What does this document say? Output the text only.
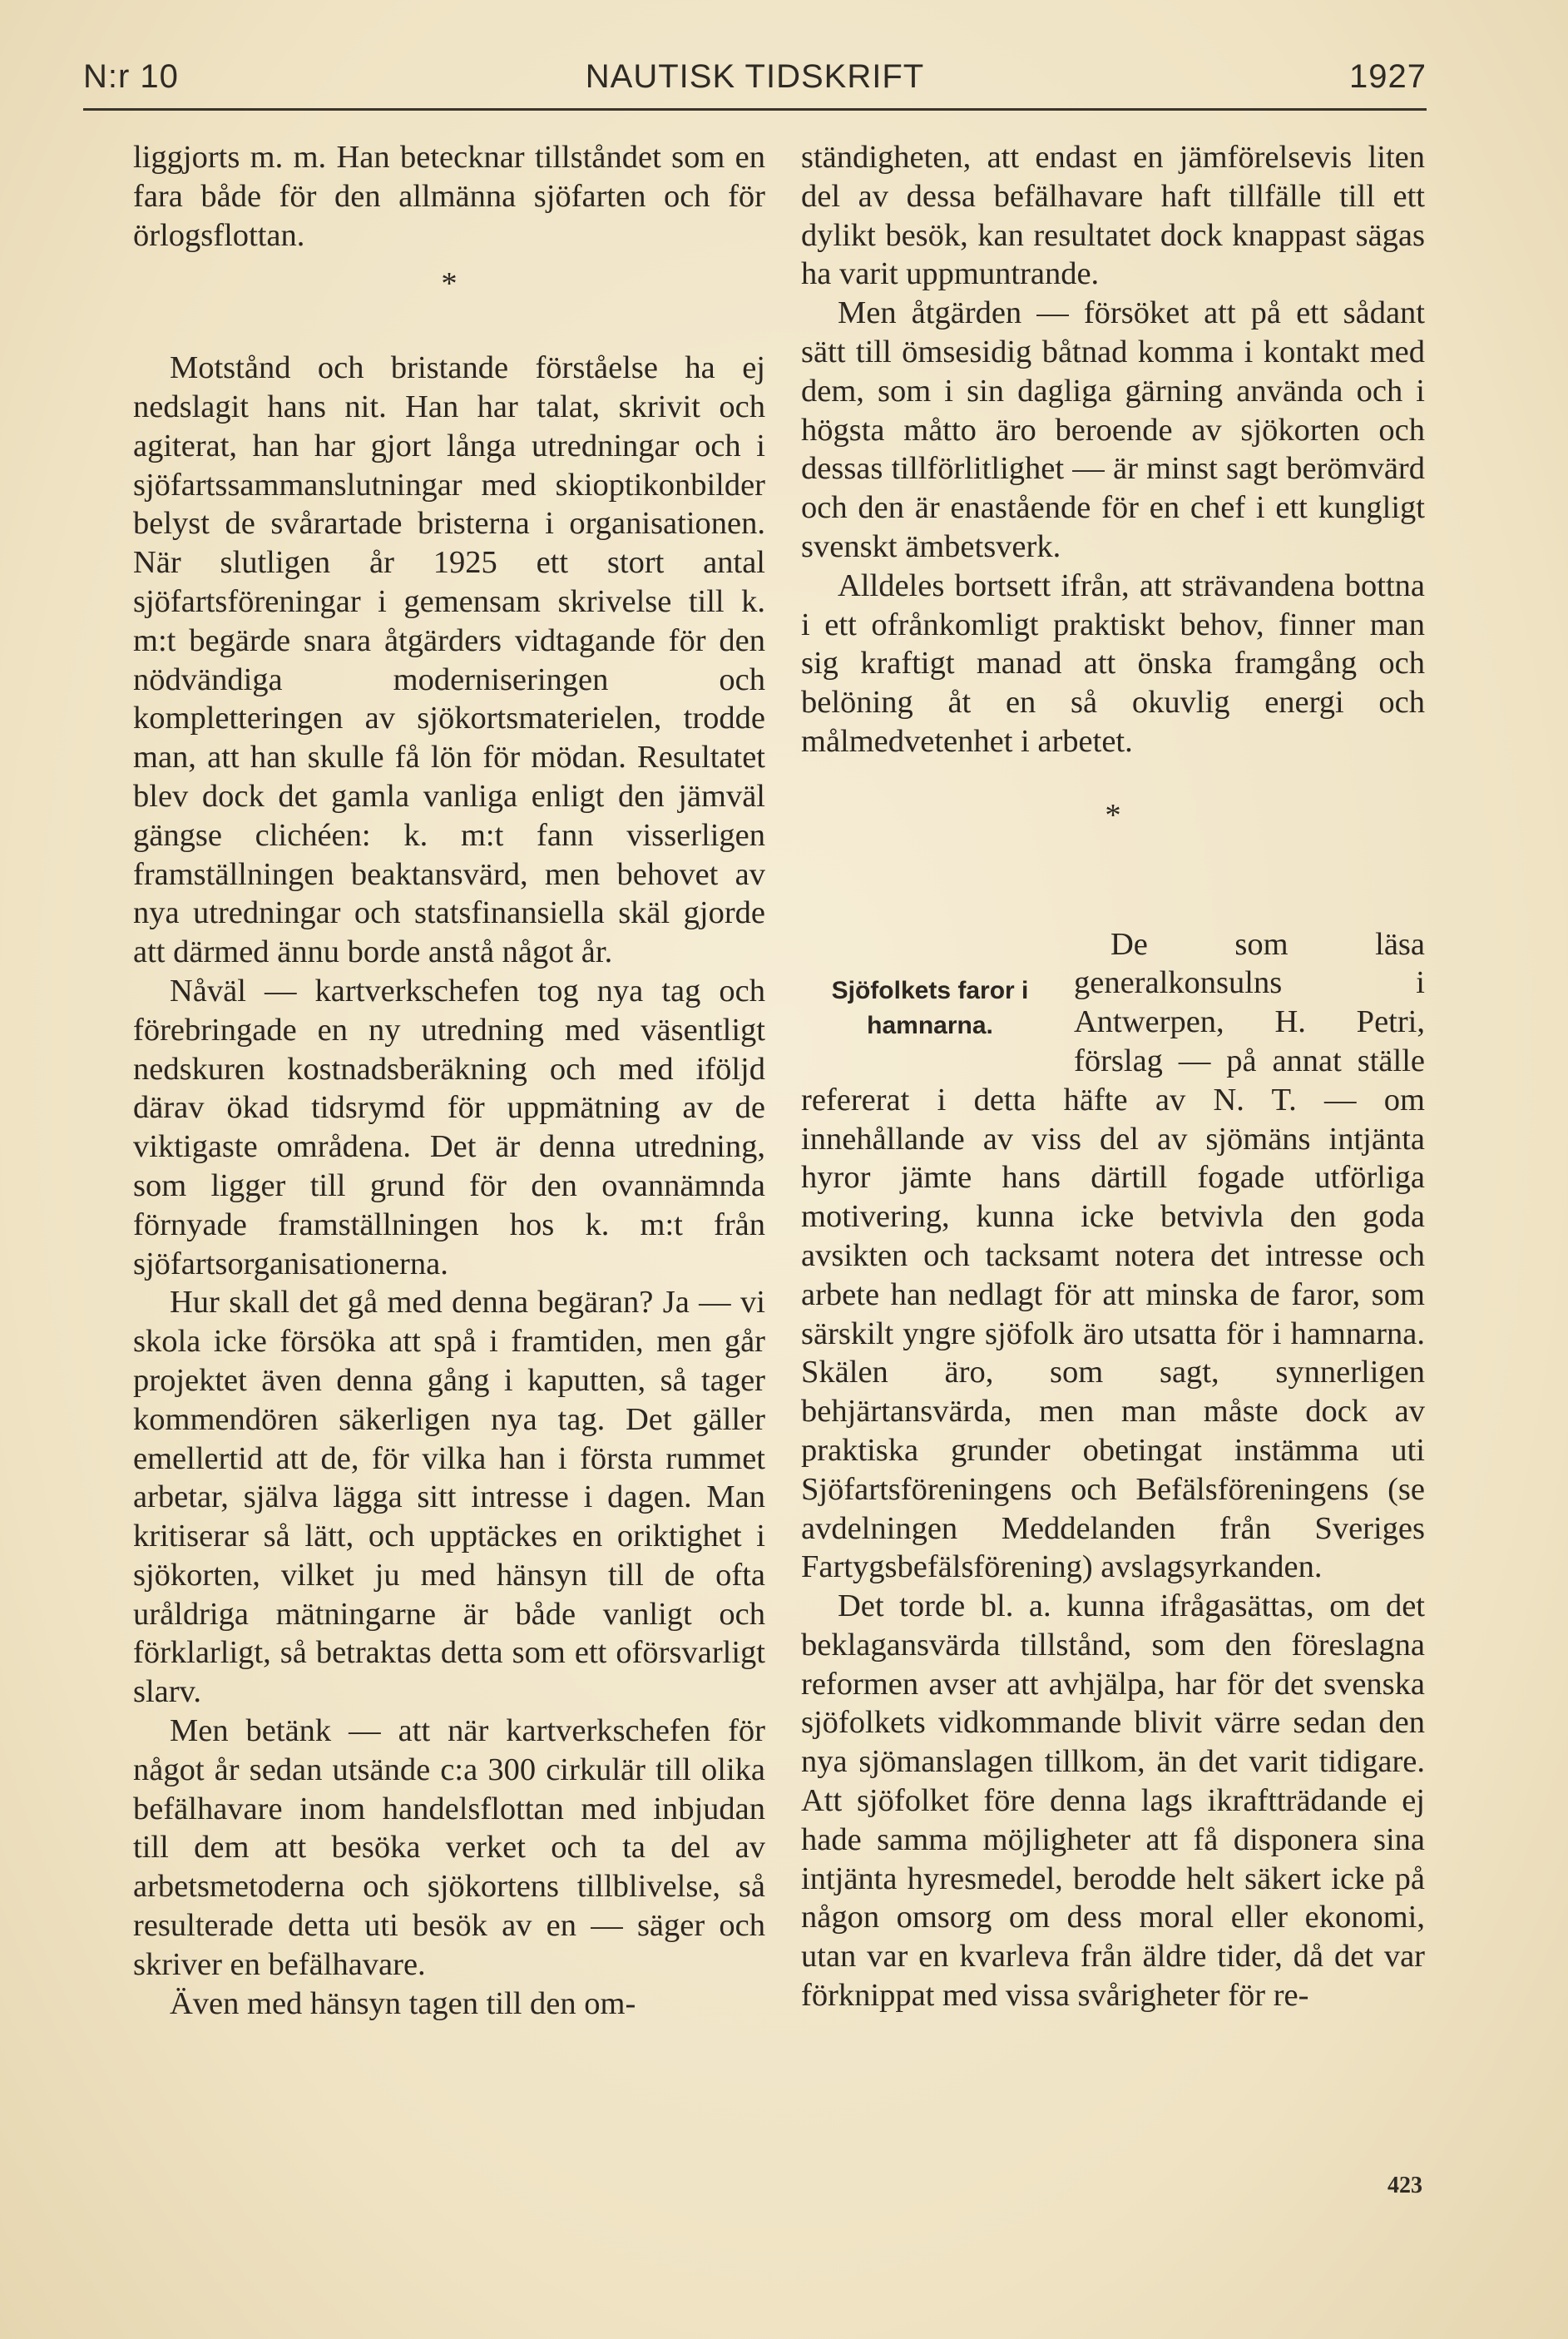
N:r 10	NAUTISK TIDSKRIFT	1927

liggjorts m. m. Han betecknar tillståndet som en fara både för den allmänna sjöfarten och för örlogsflottan.

*

Motstånd och bristande förståelse ha ej nedslagit hans nit. Han har talat, skrivit och agiterat, han har gjort långa utredningar och i sjöfartssammanslutningar med skioptikonbilder belyst de svårartade bristerna i organisationen. När slutligen år 1925 ett stort antal sjöfartsföreningar i gemensam skrivelse till k. m:t begärde snara åtgärders vidtagande för den nödvändiga moderniseringen och kompletteringen av sjökortsmaterielen, trodde man, att han skulle få lön för mödan. Resultatet blev dock det gamla vanliga enligt den jämväl gängse clichéen: k. m:t fann visserligen framställningen beaktansvärd, men behovet av nya utredningar och statsfinansiella skäl gjorde att därmed ännu borde anstå något år.

Nåväl — kartverkschefen tog nya tag och förebringade en ny utredning med väsentligt nedskuren kostnadsberäkning och med iföljd därav ökad tidsrymd för uppmätning av de viktigaste områdena. Det är denna utredning, som ligger till grund för den ovannämnda förnyade framställningen hos k. m:t från sjöfartsorganisationerna.

Hur skall det gå med denna begäran? Ja — vi skola icke försöka att spå i framtiden, men går projektet även denna gång i kaputten, så tager kommendören säkerligen nya tag. Det gäller emellertid att de, för vilka han i första rummet arbetar, själva lägga sitt intresse i dagen. Man kritiserar så lätt, och upptäckes en oriktighet i sjökorten, vilket ju med hänsyn till de ofta uråldriga mätningarne är både vanligt och förklarligt, så betraktas detta som ett oförsvarligt slarv.

Men betänk — att när kartverkschefen för något år sedan utsände c:a 300 cirkulär till olika befälhavare inom handelsflottan med inbjudan till dem att besöka verket och ta del av arbetsmetoderna och sjökortens tillblivelse, så resulterade detta uti besök av en — säger och skriver en befälhavare.

Även med hänsyn tagen till den om-

ständigheten, att endast en jämförelsevis liten del av dessa befälhavare haft tillfälle till ett dylikt besök, kan resultatet dock knappast sägas ha varit uppmuntrande.

Men åtgärden — försöket att på ett sådant sätt till ömsesidig båtnad komma i kontakt med dem, som i sin dagliga gärning använda och i högsta måtto äro beroende av sjökorten och dessas tillförlitlighet — är minst sagt berömvärd och den är enastående för en chef i ett kungligt svenskt ämbetsverk.

Alldeles bortsett ifrån, att strävandena bottna i ett ofrånkomligt praktiskt behov, finner man sig kraftigt manad att önska framgång och belöning åt en så okuvlig energi och målmedvetenhet i arbetet.

*
Sjöfolkets faror i hamnarna.

De som läsa generalkonsulns i Antwerpen, H. Petri, förslag — på annat ställe refererat i detta häfte av N. T. — om innehållande av viss del av sjömäns intjänta hyror jämte hans därtill fogade utförliga motivering, kunna icke betvivla den goda avsikten och tacksamt notera det intresse och arbete han nedlagt för att minska de faror, som särskilt yngre sjöfolk äro utsatta för i hamnarna. Skälen äro, som sagt, synnerligen behjärtansvärda, men man måste dock av praktiska grunder obetingat instämma uti Sjöfartsföreningens och Befälsföreningens (se avdelningen Meddelanden från Sveriges Fartygsbefälsförening) avslagsyrkanden.

Det torde bl. a. kunna ifrågasättas, om det beklagansvärda tillstånd, som den föreslagna reformen avser att avhjälpa, har för det svenska sjöfolkets vidkommande blivit värre sedan den nya sjömanslagen tillkom, än det varit tidigare. Att sjöfolket före denna lags ikraftträdande ej hade samma möjligheter att få disponera sina intjänta hyresmedel, berodde helt säkert icke på någon omsorg om dess moral eller ekonomi, utan var en kvarleva från äldre tider, då det var förknippat med vissa svårigheter för re-

423
